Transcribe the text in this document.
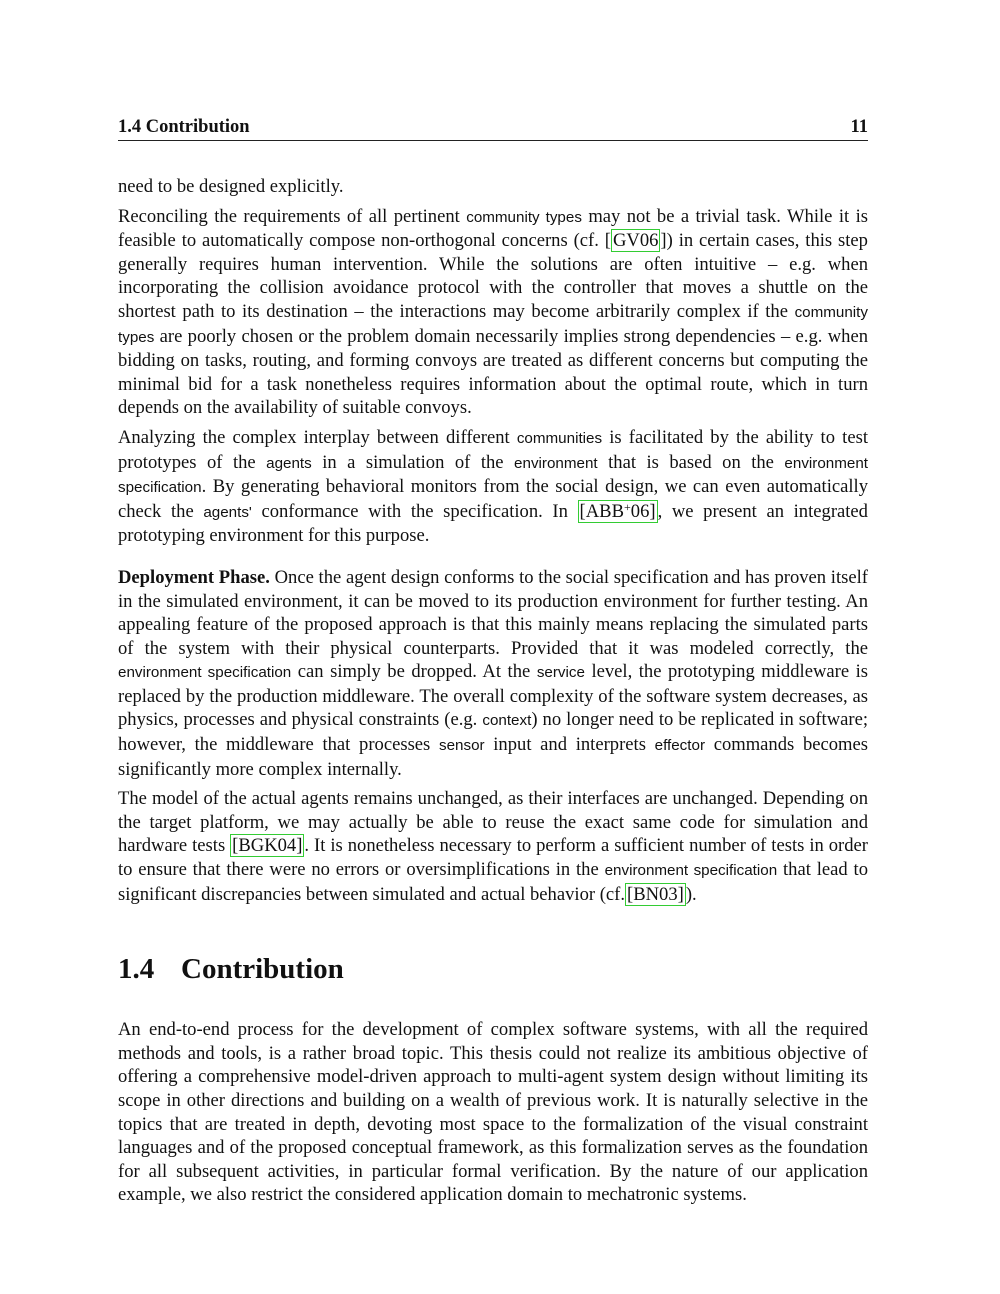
1.4 Contribution	11

need to be designed explicitly.

Reconciling the requirements of all pertinent community types may not be a trivial task. While it is feasible to automatically compose non-orthogonal concerns (cf. [ GV06 ]) in certain cases, this step generally requires human intervention. While the solutions are often intuitive – e.g. when incorporating the collision avoidance protocol with the controller that moves a shuttle on the shortest path to its destination – the interactions may become arbitrarily complex if the community types are poorly chosen or the problem domain necessarily implies strong dependencies – e.g. when bidding on tasks, routing, and forming convoys are treated as different concerns but computing the minimal bid for a task nonetheless requires information about the optimal route, which in turn depends on the availability of suitable convoys.

Analyzing the complex interplay between different communities is facilitated by the ability to test prototypes of the agents in a simulation of the environment that is based on the environment specification. By generating behavioral monitors from the social design, we can even automatically check the agents' conformance with the specification. In [ABB+06] , we present an integrated prototyping environment for this purpose.

Deployment Phase. Once the agent design conforms to the social specification and has proven itself in the simulated environment, it can be moved to its production environment for further testing. An appealing feature of the proposed approach is that this mainly means replacing the simulated parts of the system with their physical counterparts. Provided that it was modeled correctly, the environment specification can simply be dropped. At the service level, the prototyping middleware is replaced by the production middleware. The overall complexity of the software system decreases, as physics, processes and physical constraints (e.g. context) no longer need to be replicated in software; however, the middleware that processes sensor input and interprets effector commands becomes significantly more complex internally.

The model of the actual agents remains unchanged, as their interfaces are unchanged. Depending on the target platform, we may actually be able to reuse the exact same code for simulation and hardware tests [BGK04] . It is nonetheless necessary to perform a sufficient number of tests in order to ensure that there were no errors or oversimplifications in the environment specification that lead to significant discrepancies between simulated and actual behavior (cf. [BN03] ).

1.4 Contribution

An end-to-end process for the development of complex software systems, with all the required methods and tools, is a rather broad topic. This thesis could not realize its ambitious objective of offering a comprehensive model-driven approach to multi-agent system design without limiting its scope in other directions and building on a wealth of previous work. It is naturally selective in the topics that are treated in depth, devoting most space to the formalization of the visual constraint languages and of the proposed conceptual framework, as this formalization serves as the foundation for all subsequent activities, in particular formal verification. By the nature of our application example, we also restrict the considered application domain to mechatronic systems.
